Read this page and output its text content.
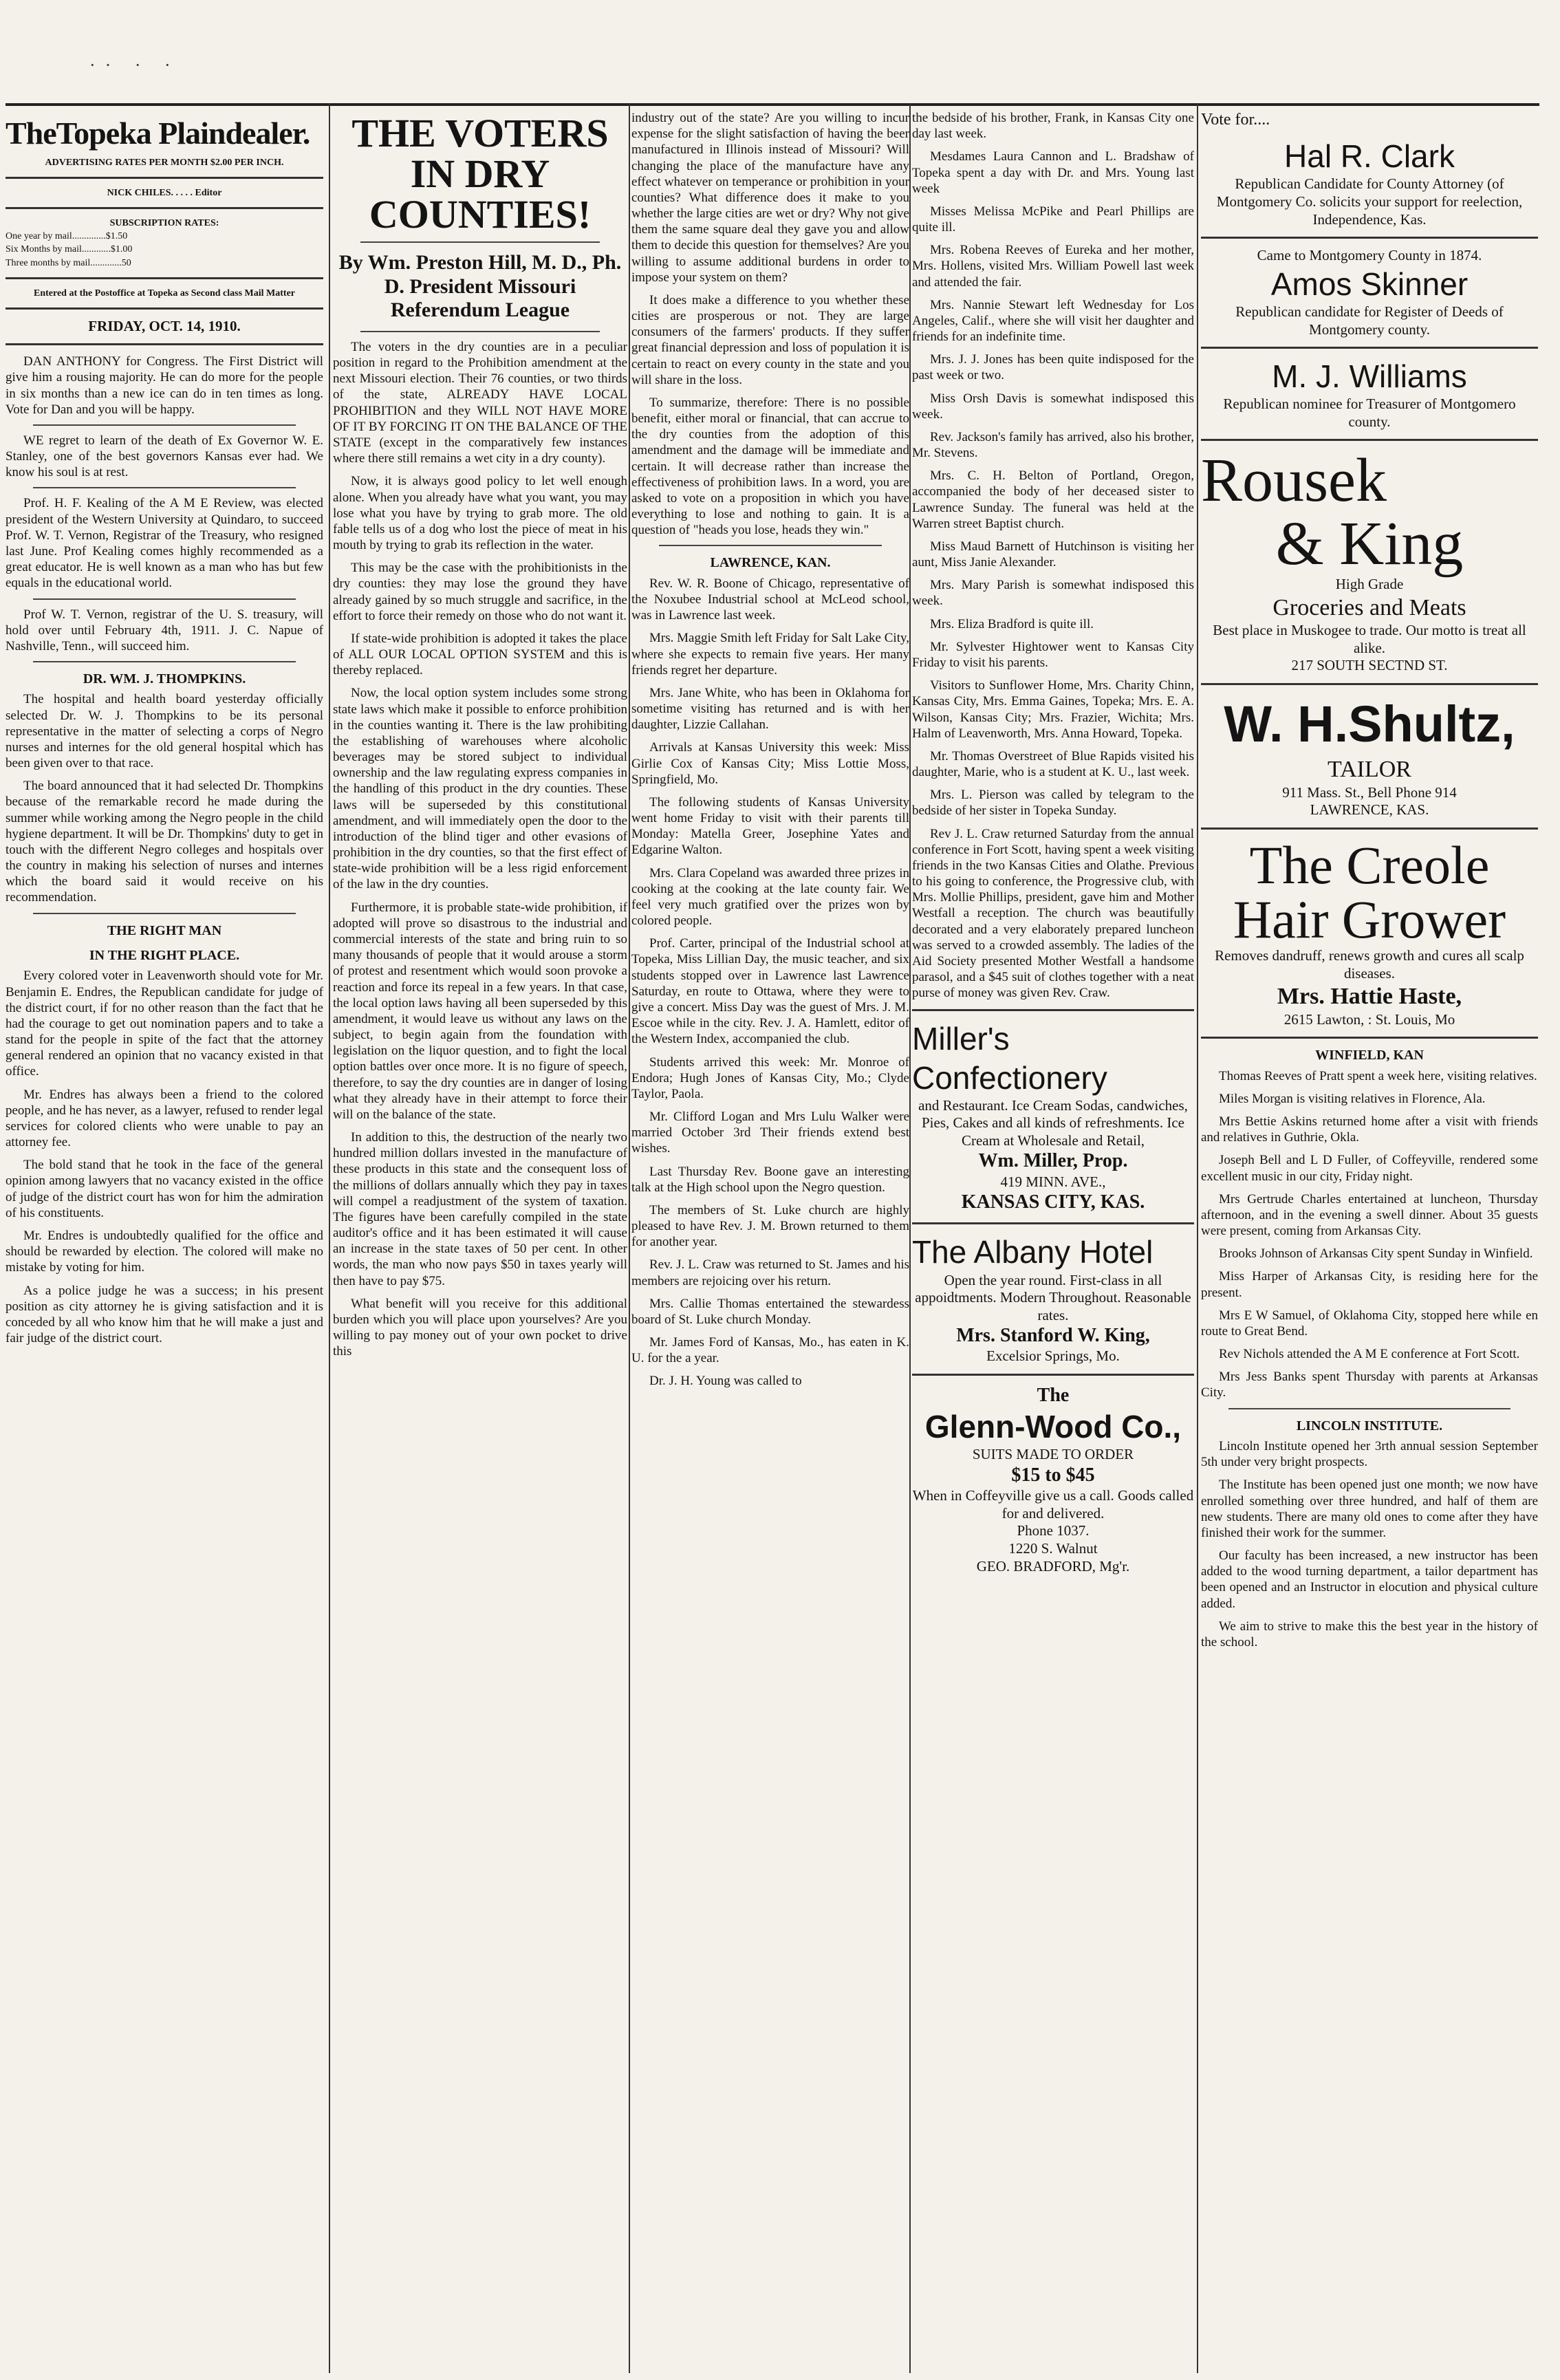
·· · ·
TheTopeka Plaindealer.
ADVERTISING RATES PER MONTH $2.00 PER INCH.
NICK CHILES. . . . . Editor
SUBSCRIPTION RATES:
One year by mail..............$1.50
Six Months by mail............$1.00
Three months by mail.............50
Entered at the Postoffice at Topeka as Second class Mail Matter
FRIDAY, OCT. 14, 1910.

DAN ANTHONY for Congress. The First District will give him a rousing majority. He can do more for the people in six months than a new ice can do in ten times as long. Vote for Dan and you will be happy.

WE regret to learn of the death of Ex Governor W. E. Stanley, one of the best governors Kansas ever had. We know his soul is at rest.

Prof. H. F. Kealing of the A M E Review, was elected president of the Western University at Quindaro, to succeed Prof. W. T. Vernon, Registrar of the Treasury, who resigned last June. Prof Kealing comes highly recommended as a great educator. He is well known as a man who has but few equals in the educational world.

Prof W. T. Vernon, registrar of the U. S. treasury, will hold over until February 4th, 1911. J. C. Napue of Nashville, Tenn., will succeed him.

DR. WM. J. THOMPKINS.

The hospital and health board yesterday officially selected Dr. W. J. Thompkins to be its personal representative in the matter of selecting a corps of Negro nurses and internes for the old general hospital which has been given over to that race.

The board announced that it had selected Dr. Thompkins because of the remarkable record he made during the summer while working among the Negro people in the child hygiene department. It will be Dr. Thompkins' duty to get in touch with the different Negro colleges and hospitals over the country in making his selection of nurses and internes which the board said it would receive on his recommendation.

THE RIGHT MAN
IN THE RIGHT PLACE.

Every colored voter in Leavenworth should vote for Mr. Benjamin E. Endres, the Republican candidate for judge of the district court, if for no other reason than the fact that he had the courage to get out nomination papers and to take a stand for the people in spite of the fact that the attorney general rendered an opinion that no vacancy existed in that office.

Mr. Endres has always been a friend to the colored people, and he has never, as a lawyer, refused to render legal services for colored clients who were unable to pay an attorney fee.

The bold stand that he took in the face of the general opinion among lawyers that no vacancy existed in the office of judge of the district court has won for him the admiration of his constituents.

Mr. Endres is undoubtedly qualified for the office and should be rewarded by election. The colored will make no mistake by voting for him.

As a police judge he was a success; in his present position as city attorney he is giving satisfaction and it is conceded by all who know him that he will make a just and fair judge of the district court.

THE VOTERS IN DRY COUNTIES!
By Wm. Preston Hill, M. D., Ph. D. President Missouri Referendum League

The voters in the dry counties are in a peculiar position in regard to the Prohibition amendment at the next Missouri election. Their 76 counties, or two thirds of the state, ALREADY HAVE LOCAL PROHIBITION and they WILL NOT HAVE MORE OF IT BY FORCING IT ON THE BALANCE OF THE STATE (except in the comparatively few instances where there still remains a wet city in a dry county).

Now, it is always good policy to let well enough alone. When you already have what you want, you may lose what you have by trying to grab more. The old fable tells us of a dog who lost the piece of meat in his mouth by trying to grab its reflection in the water.

This may be the case with the prohibitionists in the dry counties: they may lose the ground they have already gained by so much struggle and sacrifice, in the effort to force their remedy on those who do not want it.

If state-wide prohibition is adopted it takes the place of ALL OUR LOCAL OPTION SYSTEM and this is thereby replaced.

Now, the local option system includes some strong state laws which make it possible to enforce prohibition in the counties wanting it. There is the law prohibiting the establishing of warehouses where alcoholic beverages may be stored subject to individual ownership and the law regulating express companies in the handling of this product in the dry counties. These laws will be superseded by this constitutional amendment, and will immediately open the door to the introduction of the blind tiger and other evasions of prohibition in the dry counties, so that the first effect of state-wide prohibition will be a less rigid enforcement of the law in the dry counties.

Furthermore, it is probable state-wide prohibition, if adopted will prove so disastrous to the industrial and commercial interests of the state and bring ruin to so many thousands of people that it would arouse a storm of protest and resentment which would soon provoke a reaction and force its repeal in a few years. In that case, the local option laws having all been superseded by this amendment, it would leave us without any laws on the subject, to begin again from the foundation with legislation on the liquor question, and to fight the local option battles over once more. It is no figure of speech, therefore, to say the dry counties are in danger of losing what they already have in their attempt to force their will on the balance of the state.

In addition to this, the destruction of the nearly two hundred million dollars invested in the manufacture of these products in this state and the consequent loss of the millions of dollars annually which they pay in taxes will compel a readjustment of the system of taxation. The figures have been carefully compiled in the state auditor's office and it has been estimated it will cause an increase in the state taxes of 50 per cent. In other words, the man who now pays $50 in taxes yearly will then have to pay $75.

What benefit will you receive for this additional burden which you will place upon yourselves? Are you willing to pay money out of your own pocket to drive this

industry out of the state? Are you willing to incur expense for the slight satisfaction of having the beer manufactured in Illinois instead of Missouri? Will changing the place of the manufacture have any effect whatever on temperance or prohibition in your counties? What difference does it make to you whether the large cities are wet or dry? Why not give them the same square deal they gave you and allow them to decide this question for themselves? Are you willing to assume additional burdens in order to impose your system on them?

It does make a difference to you whether these cities are prosperous or not. They are large consumers of the farmers' products. If they suffer great financial depression and loss of population it is certain to react on every county in the state and you will share in the loss.

To summarize, therefore: There is no possible benefit, either moral or financial, that can accrue to the dry counties from the adoption of this amendment and the damage will be immediate and certain. It will decrease rather than increase the effectiveness of prohibition laws. In a word, you are asked to vote on a proposition in which you have everything to lose and nothing to gain. It is a question of "heads you lose, heads they win."

LAWRENCE, KAN.

Rev. W. R. Boone of Chicago, representative of the Noxubee Industrial school at McLeod school, was in Lawrence last week.

Mrs. Maggie Smith left Friday for Salt Lake City, where she expects to remain five years. Her many friends regret her departure.

Mrs. Jane White, who has been in Oklahoma for sometime visiting has returned and is with her daughter, Lizzie Callahan.

Arrivals at Kansas University this week: Miss Girlie Cox of Kansas City; Miss Lottie Moss, Springfield, Mo.

The following students of Kansas University went home Friday to visit with their parents till Monday: Matella Greer, Josephine Yates and Edgarine Walton.

Mrs. Clara Copeland was awarded three prizes in cooking at the cooking at the late county fair. We feel very much gratified over the prizes won by colored people.

Prof. Carter, principal of the Industrial school at Topeka, Miss Lillian Day, the music teacher, and six students stopped over in Lawrence last Lawrence Saturday, en route to Ottawa, where they were to give a concert. Miss Day was the guest of Mrs. J. M. Escoe while in the city. Rev. J. A. Hamlett, editor of the Western Index, accompanied the club.

Students arrived this week: Mr. Monroe of Endora; Hugh Jones of Kansas City, Mo.; Clyde Taylor, Paola.

Mr. Clifford Logan and Mrs Lulu Walker were married October 3rd Their friends extend best wishes.

Last Thursday Rev. Boone gave an interesting talk at the High school upon the Negro question.

The members of St. Luke church are highly pleased to have Rev. J. M. Brown returned to them for another year.

Rev. J. L. Craw was returned to St. James and his members are rejoicing over his return.

Mrs. Callie Thomas entertained the stewardess board of St. Luke church Monday.

Mr. James Ford of Kansas, Mo., has eaten in K. U. for the a year.

Dr. J. H. Young was called to

the bedside of his brother, Frank, in Kansas City one day last week.

Mesdames Laura Cannon and L. Bradshaw of Topeka spent a day with Dr. and Mrs. Young last week

Misses Melissa McPike and Pearl Phillips are quite ill.

Mrs. Robena Reeves of Eureka and her mother, Mrs. Hollens, visited Mrs. William Powell last week and attended the fair.

Mrs. Nannie Stewart left Wednesday for Los Angeles, Calif., where she will visit her daughter and friends for an indefinite time.

Mrs. J. J. Jones has been quite indisposed for the past week or two.

Miss Orsh Davis is somewhat indisposed this week.

Rev. Jackson's family has arrived, also his brother, Mr. Stevens.

Mrs. C. H. Belton of Portland, Oregon, accompanied the body of her deceased sister to Lawrence Sunday. The funeral was held at the Warren street Baptist church.

Miss Maud Barnett of Hutchinson is visiting her aunt, Miss Janie Alexander.

Mrs. Mary Parish is somewhat indisposed this week.

Mrs. Eliza Bradford is quite ill.

Mr. Sylvester Hightower went to Kansas City Friday to visit his parents.

Visitors to Sunflower Home, Mrs. Charity Chinn, Kansas City, Mrs. Emma Gaines, Topeka; Mrs. E. A. Wilson, Kansas City; Mrs. Frazier, Wichita; Mrs. Halm of Leavenworth, Mrs. Anna Howard, Topeka.

Mr. Thomas Overstreet of Blue Rapids visited his daughter, Marie, who is a student at K. U., last week.

Mrs. L. Pierson was called by telegram to the bedside of her sister in Topeka Sunday.

Rev J. L. Craw returned Saturday from the annual conference in Fort Scott, having spent a week visiting friends in the two Kansas Cities and Olathe. Previous to his going to conference, the Progressive club, with Mrs. Mollie Phillips, president, gave him and Mother Westfall a reception. The church was beautifully decorated and a very elaborately prepared luncheon was served to a crowded assembly. The ladies of the Aid Society presented Mother Westfall a handsome parasol, and a $45 suit of clothes together with a neat purse of money was given Rev. Craw.

Miller's Confectionery
and Restaurant. Ice Cream Sodas, candwiches, Pies, Cakes and all kinds of refreshments. Ice Cream at Wholesale and Retail,
Wm. Miller, Prop.
419 MINN. AVE.,
KANSAS CITY, KAS.
The Albany Hotel
Open the year round. First-class in all appoidtments. Modern Throughout. Reasonable rates.
Mrs. Stanford W. King,
Excelsior Springs, Mo.
The
Glenn-Wood Co.,
SUITS MADE TO ORDER
$15 to $45
When in Coffeyville give us a call. Goods called for and delivered.
Phone 1037.
1220 S. Walnut
GEO. BRADFORD, Mg'r.
Vote for....
Hal R. Clark
Republican Candidate for County Attorney (of Montgomery Co. solicits your support for reelection, Independence, Kas.
Came to Montgomery County in 1874.
Amos Skinner
Republican candidate for Register of Deeds of Montgomery county.
M. J. Williams
Republican nominee for Treasurer of Montgomero county.
Rousek
& King
High Grade
Groceries and Meats
Best place in Muskogee to trade. Our motto is treat all alike.
217 SOUTH SECTND ST.
W. H.Shultz,
TAILOR
911 Mass. St., Bell Phone 914
LAWRENCE, KAS.
The Creole
Hair Grower
Removes dandruff, renews growth and cures all scalp diseases.
Mrs. Hattie Haste,
2615 Lawton, : St. Louis, Mo
WINFIELD, KAN

Thomas Reeves of Pratt spent a week here, visiting relatives.

Miles Morgan is visiting relatives in Florence, Ala.

Mrs Bettie Askins returned home after a visit with friends and relatives in Guthrie, Okla.

Joseph Bell and L D Fuller, of Coffeyville, rendered some excellent music in our city, Friday night.

Mrs Gertrude Charles entertained at luncheon, Thursday afternoon, and in the evening a swell dinner. About 35 guests were present, coming from Arkansas City.

Brooks Johnson of Arkansas City spent Sunday in Winfield.

Miss Harper of Arkansas City, is residing here for the present.

Mrs E W Samuel, of Oklahoma City, stopped here while en route to Great Bend.

Rev Nichols attended the A M E conference at Fort Scott.

Mrs Jess Banks spent Thursday with parents at Arkansas City.

LINCOLN INSTITUTE.

Lincoln Institute opened her 3rth annual session September 5th under very bright prospects.

The Institute has been opened just one month; we now have enrolled something over three hundred, and half of them are new students. There are many old ones to come after they have finished their work for the summer.

Our faculty has been increased, a new instructor has been added to the wood turning department, a tailor department has been opened and an Instructor in elocution and physical culture added.

We aim to strive to make this the best year in the history of the school.
